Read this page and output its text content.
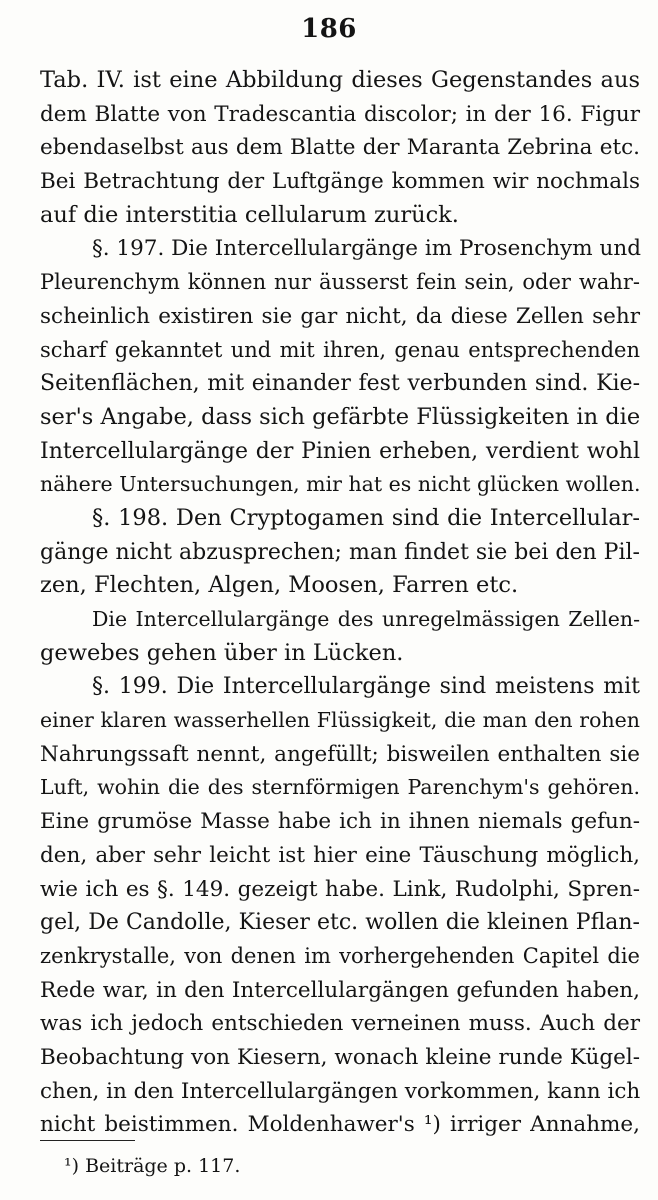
186
Tab. IV. ist eine Abbildung dieses Gegenstandes aus
dem Blatte von Tradescantia discolor; in der 16. Figur
ebendaselbst aus dem Blatte der Maranta Zebrina etc.
Bei Betrachtung der Luftgänge kommen wir nochmals
auf die interstitia cellularum zurück.
§. 197. Die Intercellulargänge im Prosenchym und
Pleurenchym können nur äusserst fein sein, oder wahr-
scheinlich existiren sie gar nicht, da diese Zellen sehr
scharf gekanntet und mit ihren, genau entsprechenden
Seitenflächen, mit einander fest verbunden sind. Kie-
ser's Angabe, dass sich gefärbte Flüssigkeiten in die
Intercellulargänge der Pinien erheben, verdient wohl
nähere Untersuchungen, mir hat es nicht glücken wollen.
§. 198. Den Cryptogamen sind die Intercellular-
gänge nicht abzusprechen; man findet sie bei den Pil-
zen, Flechten, Algen, Moosen, Farren etc.
Die Intercellulargänge des unregelmässigen Zellen-
gewebes gehen über in Lücken.
§. 199. Die Intercellulargänge sind meistens mit
einer klaren wasserhellen Flüssigkeit, die man den rohen
Nahrungssaft nennt, angefüllt; bisweilen enthalten sie
Luft, wohin die des sternförmigen Parenchym's gehören.
Eine grumöse Masse habe ich in ihnen niemals gefun-
den, aber sehr leicht ist hier eine Täuschung möglich,
wie ich es §. 149. gezeigt habe. Link, Rudolphi, Spren-
gel, De Candolle, Kieser etc. wollen die kleinen Pflan-
zenkrystalle, von denen im vorhergehenden Capitel die
Rede war, in den Intercellulargängen gefunden haben,
was ich jedoch entschieden verneinen muss. Auch der
Beobachtung von Kiesern, wonach kleine runde Kügel-
chen, in den Intercellulargängen vorkommen, kann ich
nicht beistimmen. Moldenhawer's ¹) irriger Annahme,
¹) Beiträge p. 117.
